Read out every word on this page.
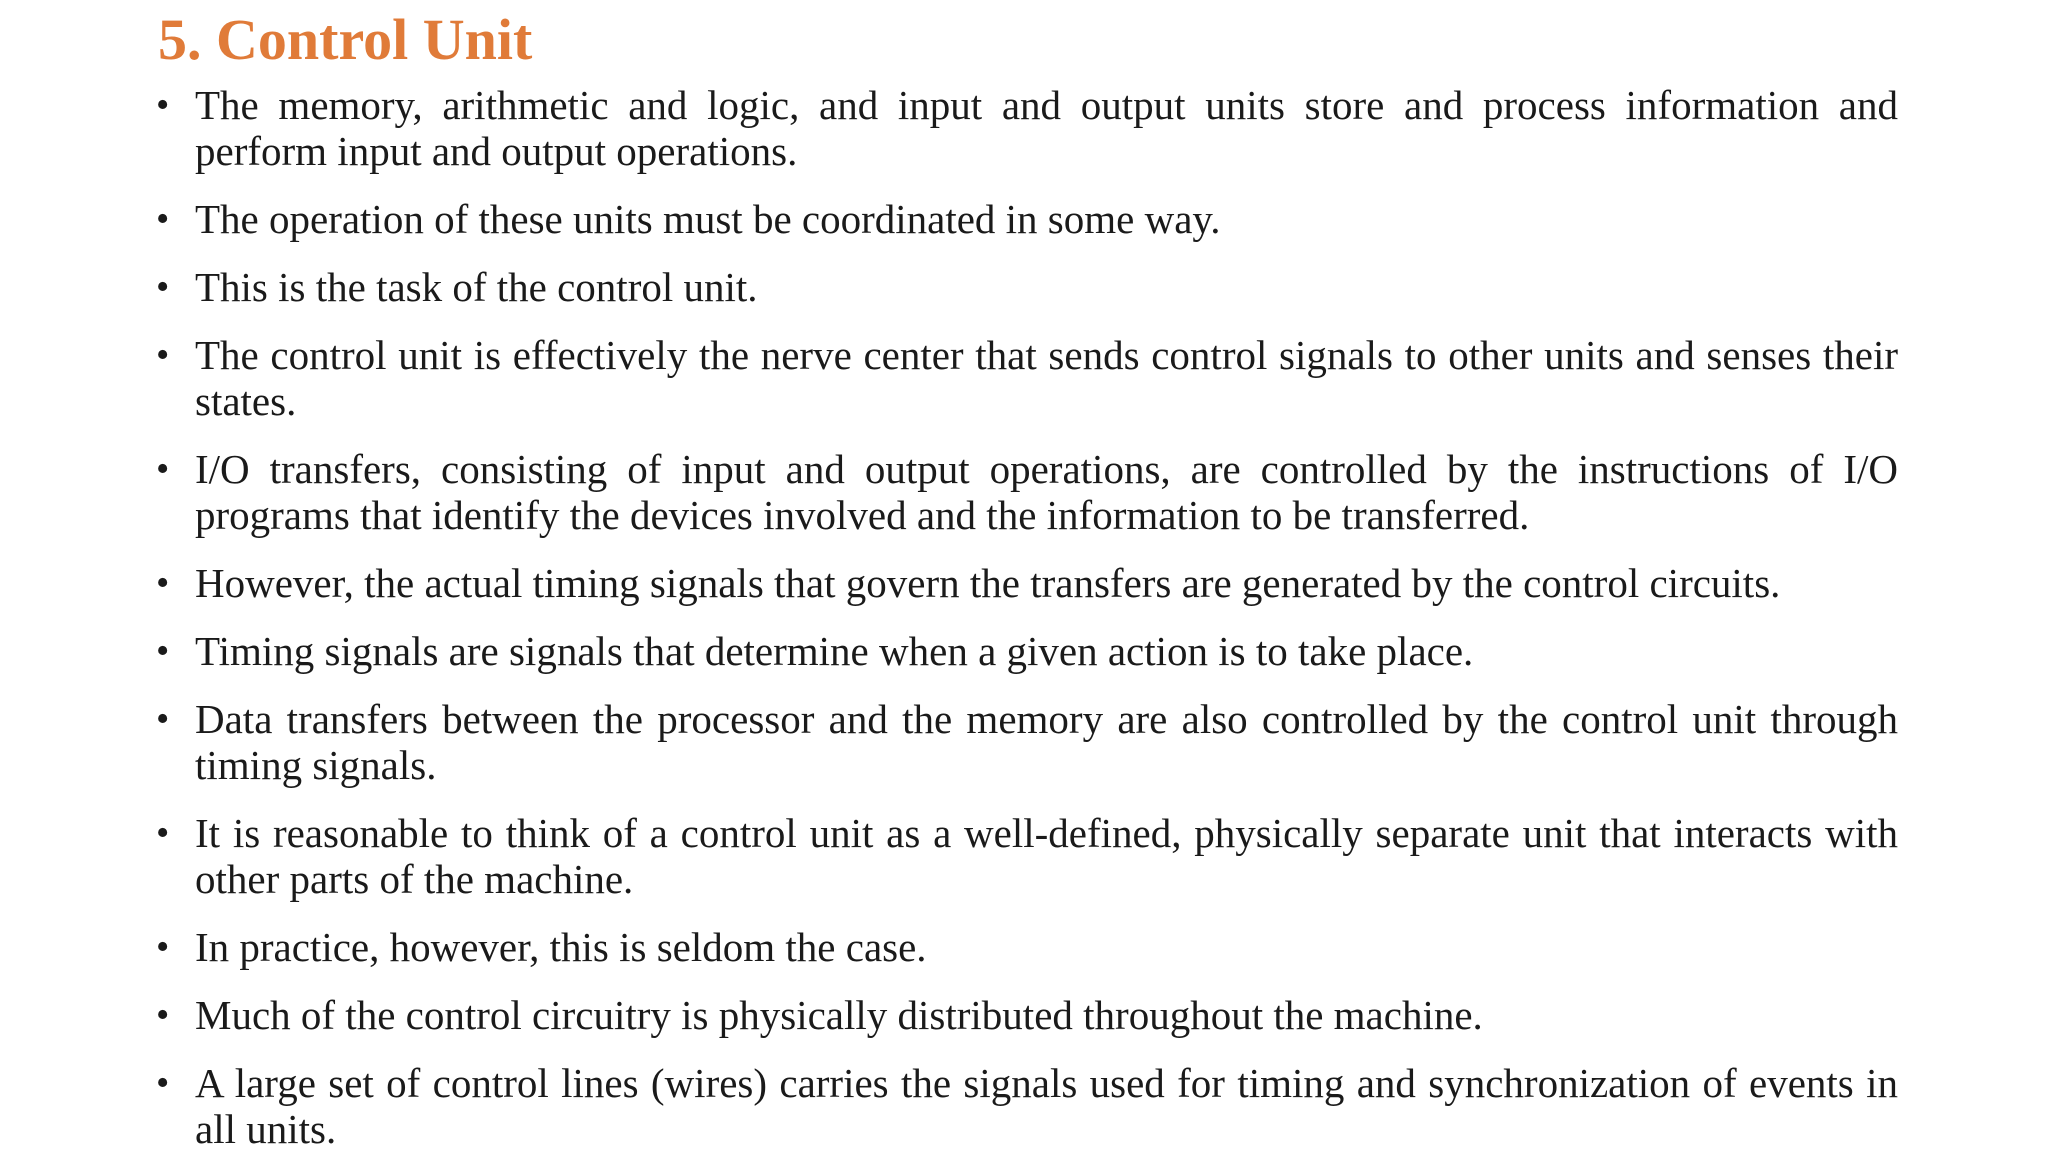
5. Control Unit
• The memory, arithmetic and logic, and input and output units store and process information and perform input and output operations.
• The operation of these units must be coordinated in some way.
• This is the task of the control unit.
• The control unit is effectively the nerve center that sends control signals to other units and senses their states.
• I/O transfers, consisting of input and output operations, are controlled by the instructions of I/O programs that identify the devices involved and the information to be transferred.
• However, the actual timing signals that govern the transfers are generated by the control circuits.
• Timing signals are signals that determine when a given action is to take place.
• Data transfers between the processor and the memory are also controlled by the control unit through timing signals.
• It is reasonable to think of a control unit as a well-defined, physically separate unit that interacts with other parts of the machine.
• In practice, however, this is seldom the case.
• Much of the control circuitry is physically distributed throughout the machine.
• A large set of control lines (wires) carries the signals used for timing and synchronization of events in all units.
